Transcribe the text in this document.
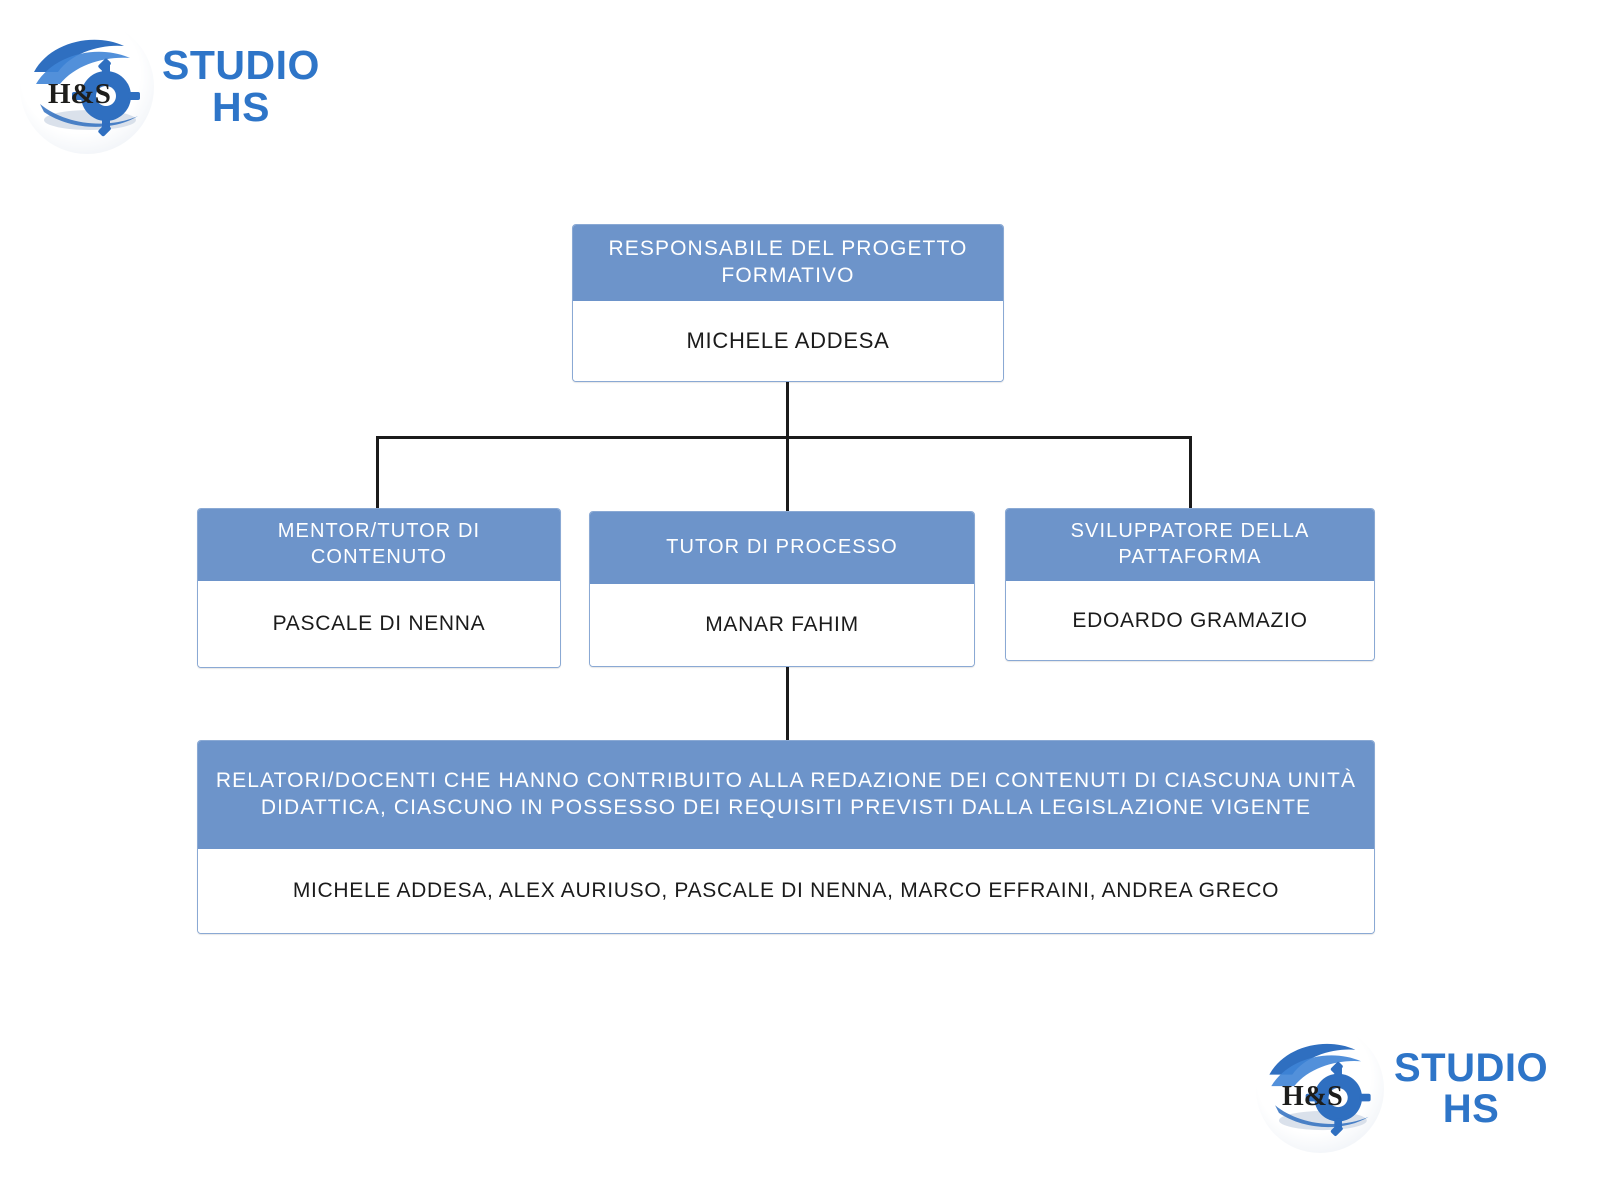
H&S
STUDIO
HS
RESPONSABILE DEL PROGETTO FORMATIVO
MICHELE ADDESA
MENTOR/TUTOR DI CONTENUTO
PASCALE DI NENNA
TUTOR DI PROCESSO
MANAR FAHIM
SVILUPPATORE DELLA PATTAFORMA
EDOARDO GRAMAZIO
RELATORI/DOCENTI CHE HANNO CONTRIBUITO ALLA REDAZIONE DEI CONTENUTI DI CIASCUNA UNITÀ DIDATTICA, CIASCUNO IN POSSESSO DEI REQUISITI PREVISTI DALLA LEGISLAZIONE VIGENTE
MICHELE ADDESA, ALEX AURIUSO, PASCALE DI NENNA, MARCO EFFRAINI, ANDREA GRECO
H&S
STUDIO
HS
